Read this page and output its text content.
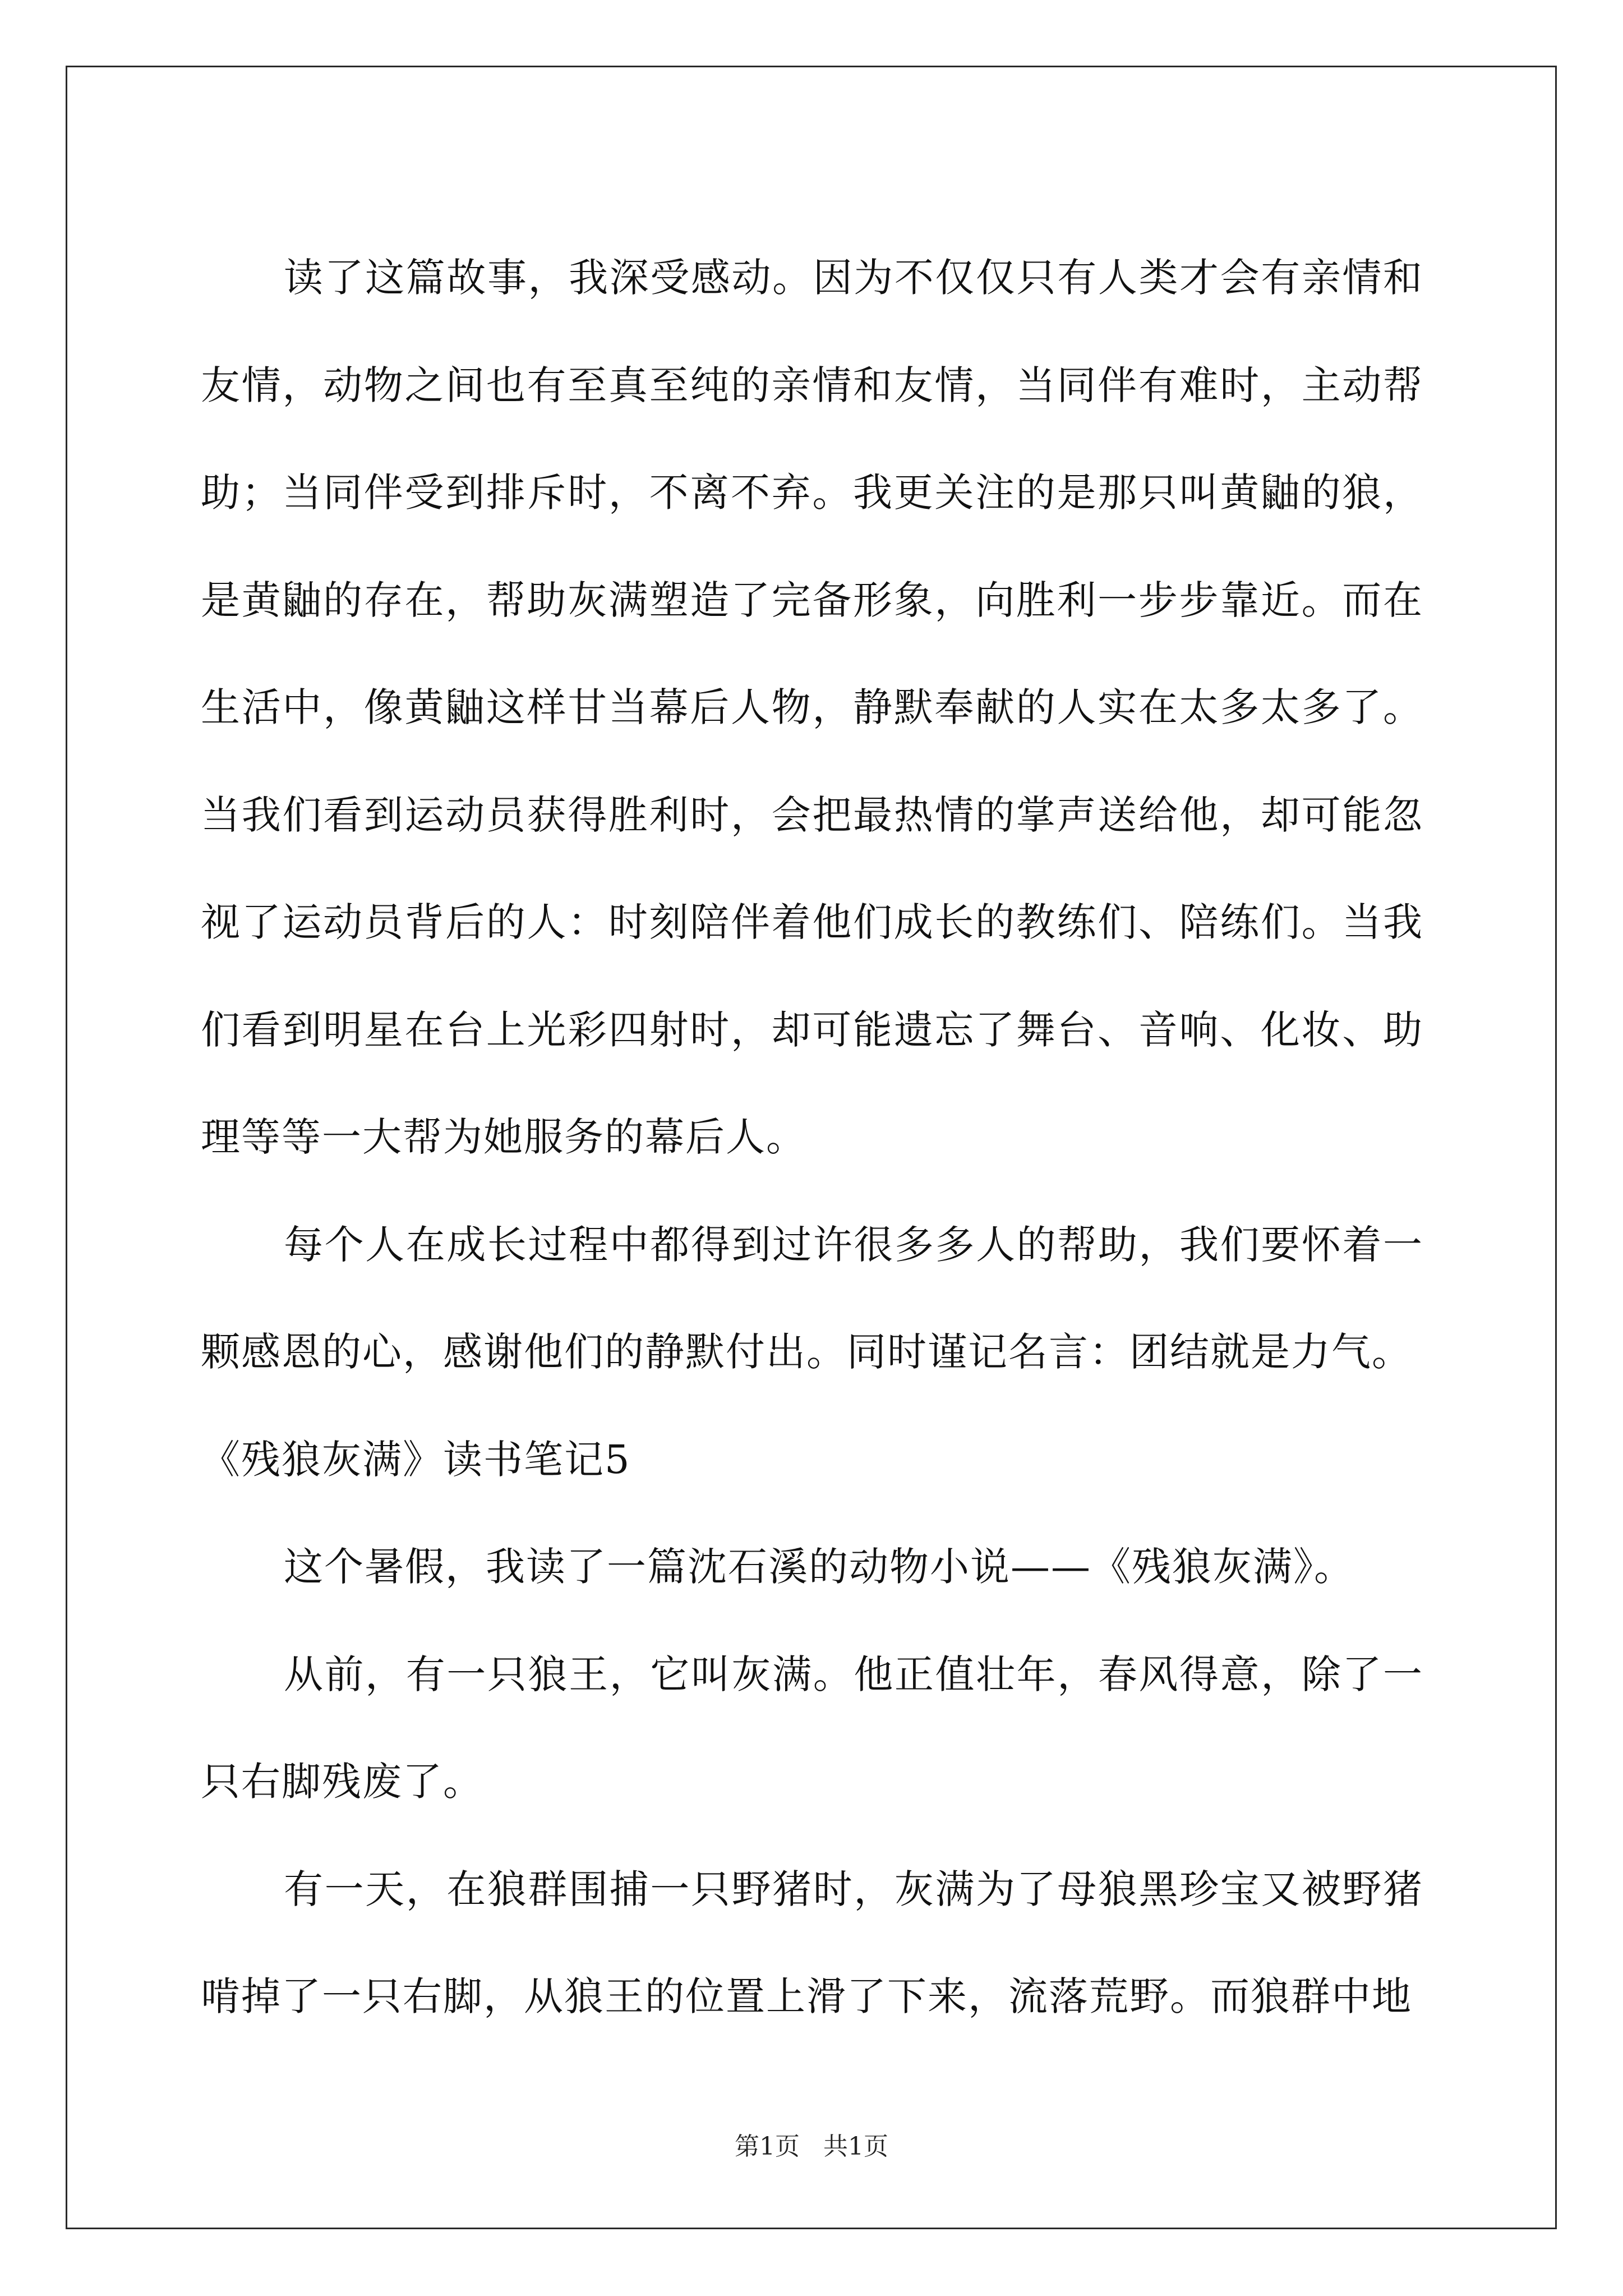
读了这篇故事，我深受感动。因为不仅仅只有人类才会有亲情和友情，动物之间也有至真至纯的亲情和友情，当同伴有难时，主动帮助；当同伴受到排斥时，不离不弃。我更关注的是那只叫黄鼬的狼，是黄鼬的存在，帮助灰满塑造了完备形象，向胜利一步步靠近。而在生活中，像黄鼬这样甘当幕后人物，静默奉献的人实在太多太多了。当我们看到运动员获得胜利时，会把最热情的掌声送给他，却可能忽视了运动员背后的人：时刻陪伴着他们成长的教练们、陪练们。当我们看到明星在台上光彩四射时，却可能遗忘了舞台、音响、化妆、助理等等一大帮为她服务的幕后人。

每个人在成长过程中都得到过许很多多人的帮助，我们要怀着一颗感恩的心，感谢他们的静默付出。同时谨记名言：团结就是力气。

《残狼灰满》读书笔记5

这个暑假，我读了一篇沈石溪的动物小说——《残狼灰满》。

从前，有一只狼王，它叫灰满。他正值壮年，春风得意，除了一只右脚残废了。

有一天，在狼群围捕一只野猪时，灰满为了母狼黑珍宝又被野猪啃掉了一只右脚，从狼王的位置上滑了下来，流落荒野。而狼群中地

第1页   共1页
